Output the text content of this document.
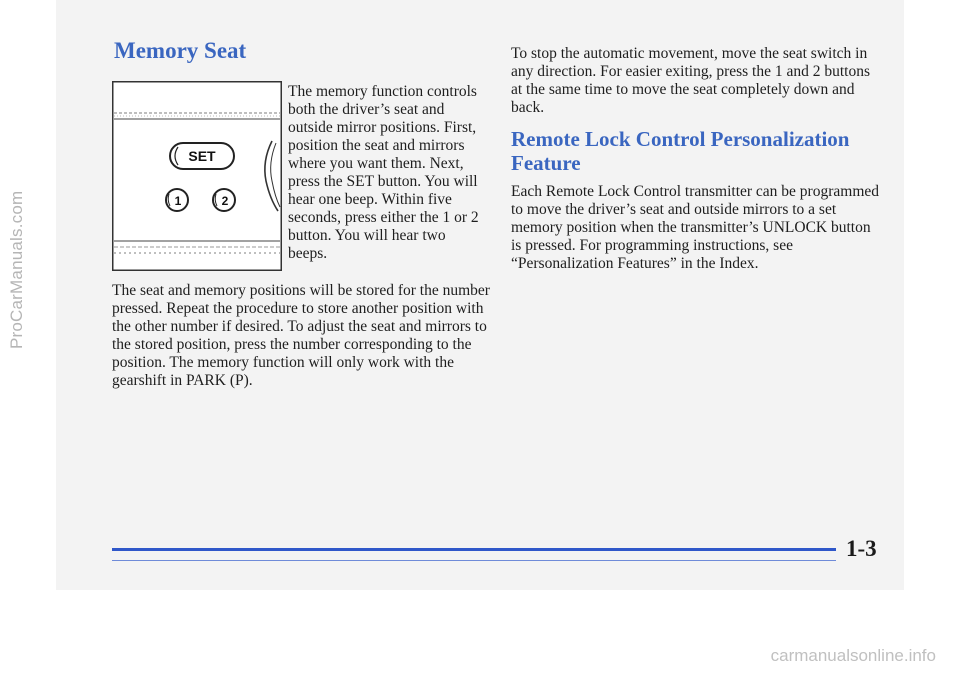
ProCarManuals.com
Memory Seat
SET
1	2

The memory function controls both the driver’s seat and outside mirror positions. First, position the seat and mirrors where you want them. Next, press the SET button. You will hear one beep. Within five seconds, press either the 1 or 2 button. You will hear two beeps.

The seat and memory positions will be stored for the number pressed. Repeat the procedure to store another position with the other number if desired. To adjust the seat and mirrors to the stored position, press the number corresponding to the position. The memory function will only work with the gearshift in PARK (P).

To stop the automatic movement, move the seat switch in any direction. For easier exiting, press the 1 and 2 buttons at the same time to move the seat completely down and back.

Remote Lock Control Personalization Feature

Each Remote Lock Control transmitter can be programmed to move the driver’s seat and outside mirrors to a set memory position when the transmitter’s UNLOCK button is pressed. For programming instructions, see “Personalization Features” in the Index.

1-3
carmanualsonline.info
